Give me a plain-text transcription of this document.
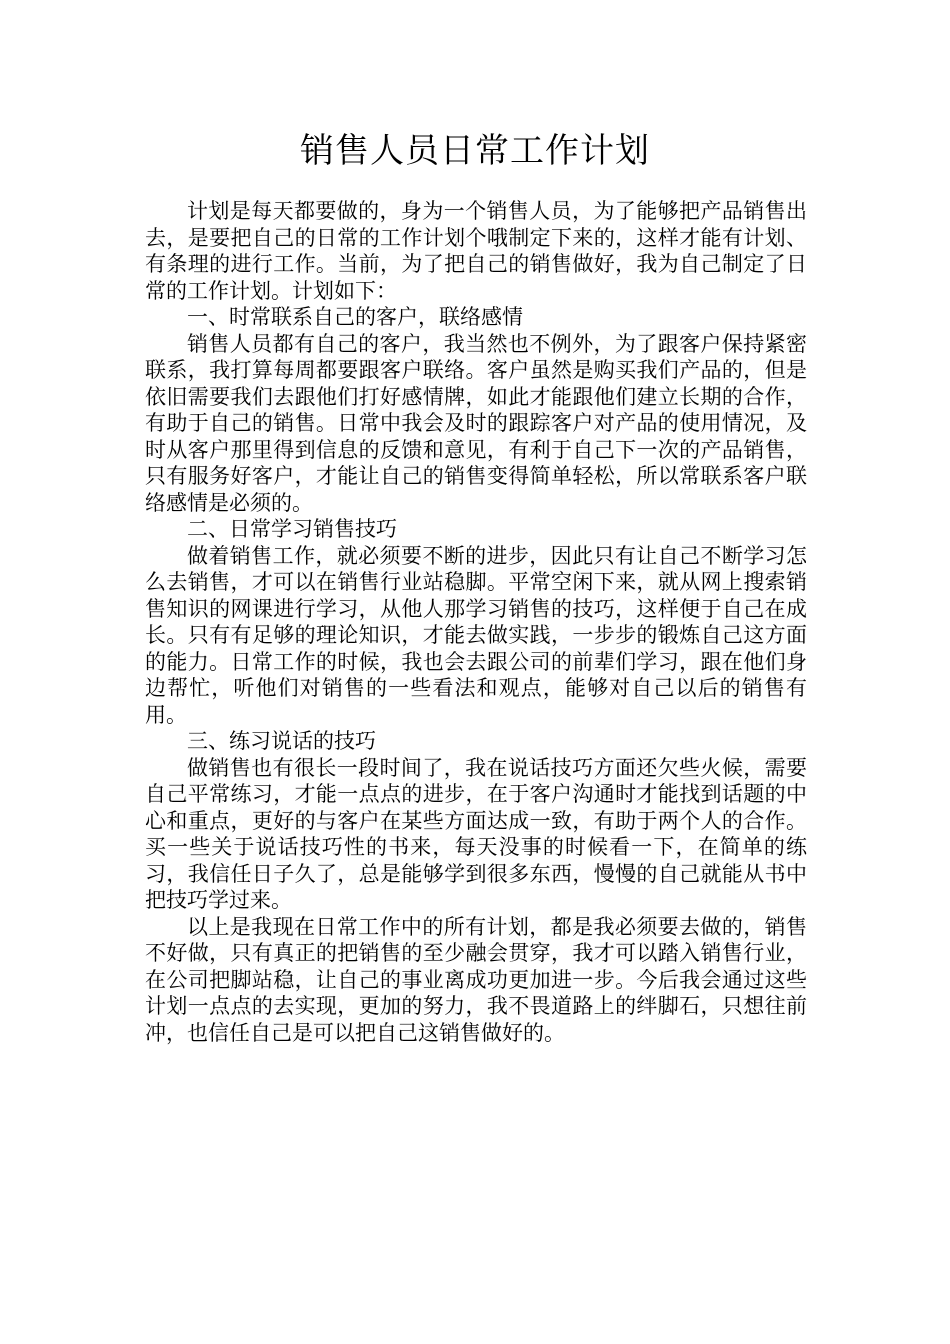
销售人员日常工作计划

计划是每天都要做的，身为一个销售人员，为了能够把产品销售出去，是要把自己的日常的工作计划个哦制定下来的，这样才能有计划、有条理的进行工作。当前，为了把自己的销售做好，我为自己制定了日常的工作计划。计划如下：

一、时常联系自己的客户，联络感情

销售人员都有自己的客户，我当然也不例外，为了跟客户保持紧密联系，我打算每周都要跟客户联络。客户虽然是购买我们产品的，但是依旧需要我们去跟他们打好感情牌，如此才能跟他们建立长期的合作，有助于自己的销售。日常中我会及时的跟踪客户对产品的使用情况，及时从客户那里得到信息的反馈和意见，有利于自己下一次的产品销售，只有服务好客户，才能让自己的销售变得简单轻松，所以常联系客户联络感情是必须的。

二、日常学习销售技巧

做着销售工作，就必须要不断的进步，因此只有让自己不断学习怎么去销售，才可以在销售行业站稳脚。平常空闲下来，就从网上搜索销售知识的网课进行学习，从他人那学习销售的技巧，这样便于自己在成长。只有有足够的理论知识，才能去做实践，一步步的锻炼自己这方面的能力。日常工作的时候，我也会去跟公司的前辈们学习，跟在他们身边帮忙，听他们对销售的一些看法和观点，能够对自己以后的销售有用。

三、练习说话的技巧

做销售也有很长一段时间了，我在说话技巧方面还欠些火候，需要自己平常练习，才能一点点的进步，在于客户沟通时才能找到话题的中心和重点，更好的与客户在某些方面达成一致，有助于两个人的合作。买一些关于说话技巧性的书来，每天没事的时候看一下，在简单的练习，我信任日子久了，总是能够学到很多东西，慢慢的自己就能从书中把技巧学过来。

以上是我现在日常工作中的所有计划，都是我必须要去做的，销售不好做，只有真正的把销售的至少融会贯穿，我才可以踏入销售行业，在公司把脚站稳，让自己的事业离成功更加进一步。今后我会通过这些计划一点点的去实现，更加的努力，我不畏道路上的绊脚石，只想往前冲，也信任自己是可以把自己这销售做好的。
